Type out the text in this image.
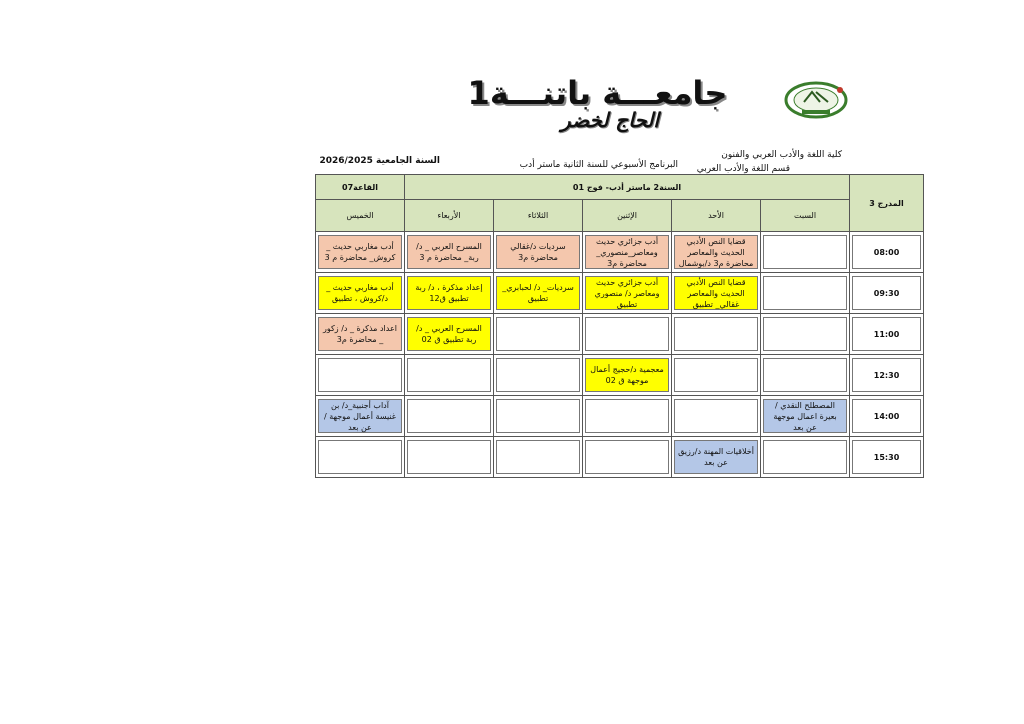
جامعـــة باتنـــة1
الحاج لخضر
كلية اللغة والأدب العربي والفنون
قسم اللغة والأدب العربي
البرنامج الأسبوعي للسنة الثانية ماستر أدب
السنة الجامعية 2026/2025
المدرج 3	السنة2 ماستر أدب- فوج 01					القاعة07
	السبت	الأحد	الإثنين	الثلاثاء	الأربعاء	الخميس

08:00		قضايا النص الأدبي الحديث والمعاصر محاضرة م3 د/بوشمال	أدب جزائري حديث ومعاصر_منصوري_ محاضرة م3	سرديات د/غقالي محاضرة م3	المسرح العربي _ د/ربة_ محاضرة م 3	أدب مغاربي حديث _ كروش_ محاضرة م 3

09:30		قضايا النص الأدبي الحديث والمعاصر غقالي_ تطبيق	أدب جزائري حديث ومعاصر د/ منصوري تطبيق	سرديات_ د/ لحبابري_ تطبيق	إعداد مذكرة ، د/ ربة تطبيق ق12	أدب مغاربي حديث _ د/كروش ، تطبيق

11:00					المسرح العربي _ د/ ربة تطبيق ق 02	اعداد مذكرة _ د/ زكور _ محاضرة م3

12:30			معجمية د/حجيج أعمال موجهة ق 02			

14:00	المصطلح النقدي /بعيرة اعمال موجهة عن بعد					آداب أجنبية_د/ بن غنيسة أعمال موجهة /عن بعد

15:30		أخلاقيات المهنة د/رزيق عن بعد				
